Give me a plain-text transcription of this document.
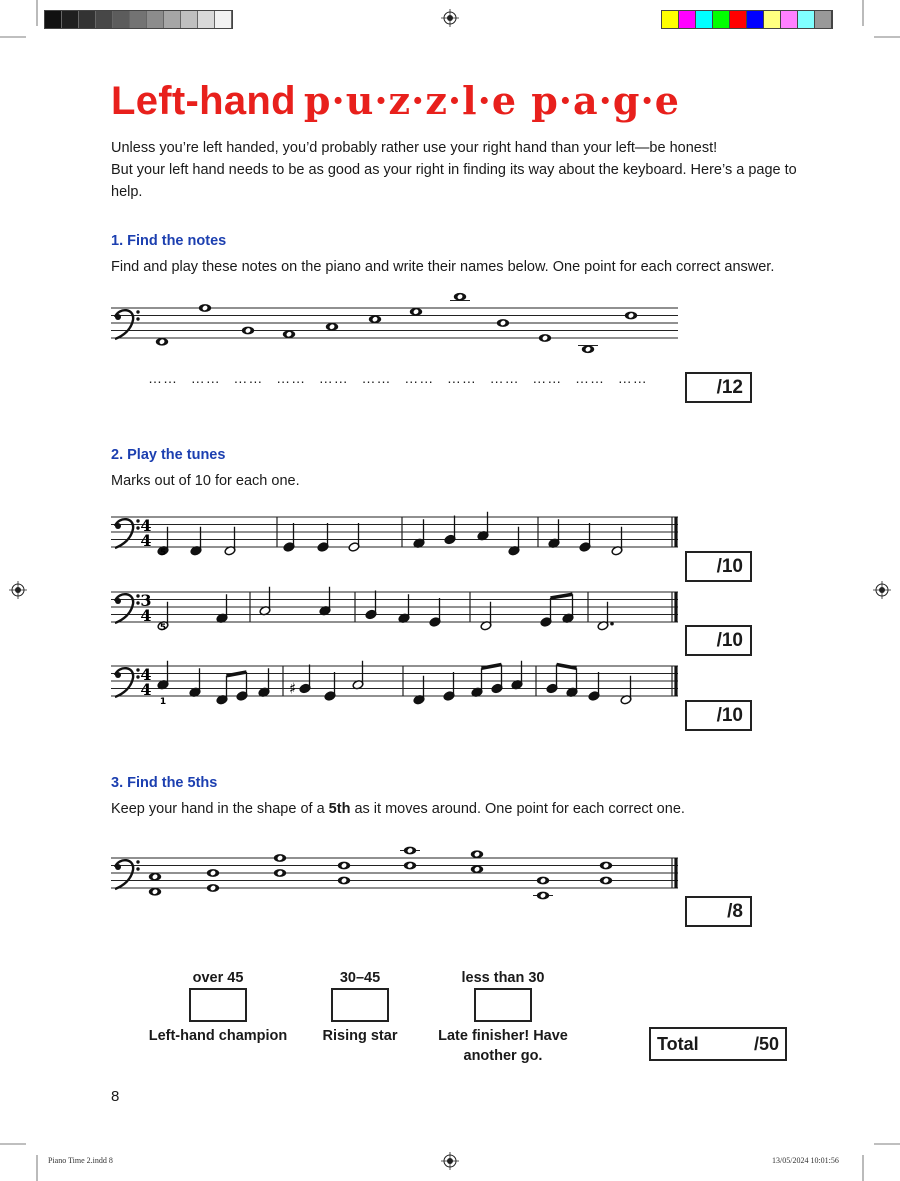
Left-hand p·u·z·z·l·e p·a·g·e
Unless you’re left handed, you’d probably rather use your right hand than your left—be honest!
But your left hand needs to be as good as your right in finding its way about the keyboard. Here’s a page to help.
1. Find the notes

Find and play these notes on the piano and write their names below. One point for each correct answer.

…… …… …… …… …… …… …… …… …… …… …… ……	/12
2. Play the tunes

Marks out of 10 for each one.

/10
/10
/10
3. Find the 5ths

Keep your hand in the shape of a 5th as it moves around. One point for each correct one.

/8
over 45	30–45	less than 30
Left-hand champion	Rising star	Late finisher! Have another go.
Total	/50
8
Piano Time 2.indd 8	13/05/2024 10:01:56
4
4
5
3
4
5
4
4	♯
1
